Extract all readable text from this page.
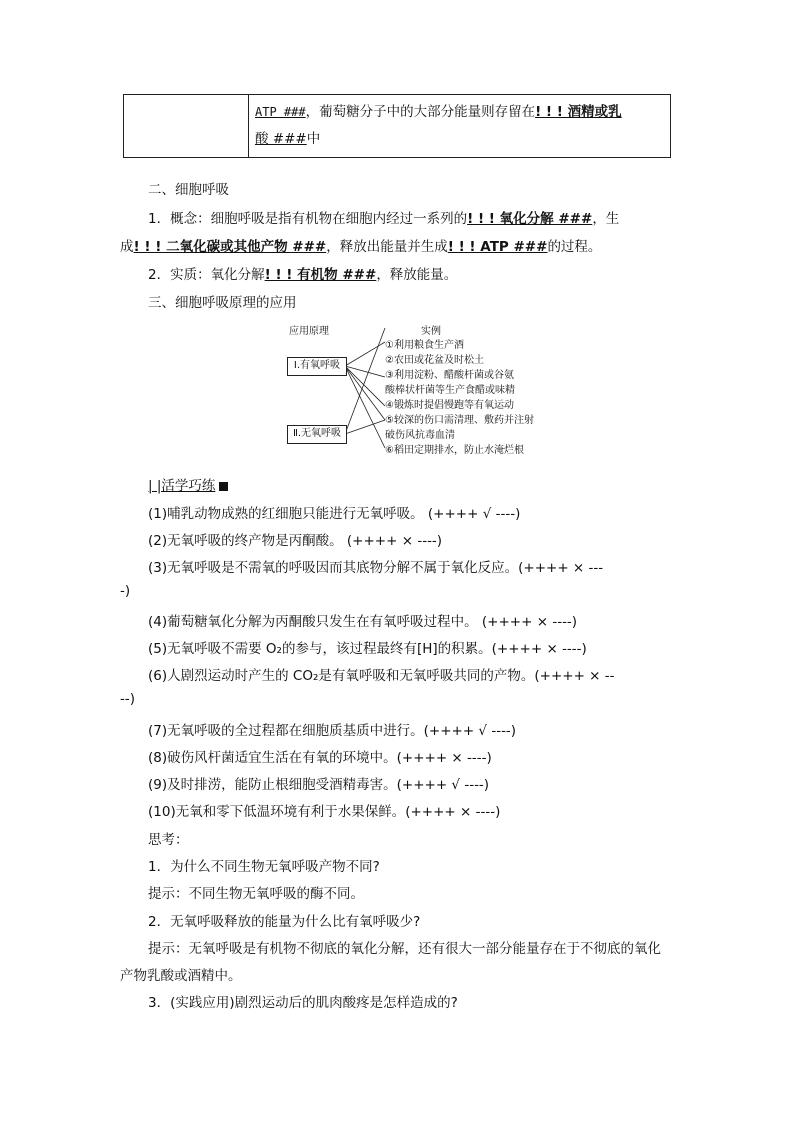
ATP ###，葡萄糖分子中的大部分能量则存留在! ! ! 酒精或乳
酸 ###中
二、细胞呼吸
1．概念：细胞呼吸是指有机物在细胞内经过一系列的! ! ! 氧化分解 ###，生
成! ! ! 二氧化碳或其他产物 ###，释放出能量并生成! ! ! ATP ###的过程。
2．实质：氧化分解! ! ! 有机物 ###，释放能量。
三、细胞呼吸原理的应用
应用原理	实例
Ⅰ.有氧呼吸
Ⅱ.无氧呼吸
①利用粮食生产酒
②农田或花盆及时松土
③利用淀粉、醋酸杆菌或谷氨
酸棒状杆菌等生产食醋或味精
④锻炼时提倡慢跑等有氧运动
⑤较深的伤口需清理、敷药并注射
破伤风抗毒血清
⑥稻田定期排水，防止水淹烂根
| |活学巧练
(1)哺乳动物成熟的红细胞只能进行无氧呼吸。 (++++ √ ----)
(2)无氧呼吸的终产物是丙酮酸。 (++++ × ----)
(3)无氧呼吸是不需氧的呼吸因而其底物分解不属于氧化反应。(++++ × ---
-)
(4)葡萄糖氧化分解为丙酮酸只发生在有氧呼吸过程中。 (++++ × ----)
(5)无氧呼吸不需要 O₂的参与，该过程最终有[H]的积累。(++++ × ----)
(6)人剧烈运动时产生的 CO₂是有氧呼吸和无氧呼吸共同的产物。(++++ × --
--)
(7)无氧呼吸的全过程都在细胞质基质中进行。(++++ √ ----)
(8)破伤风杆菌适宜生活在有氧的环境中。(++++ × ----)
(9)及时排涝，能防止根细胞受酒精毒害。(++++ √ ----)
(10)无氧和零下低温环境有利于水果保鲜。(++++ × ----)
思考：
1．为什么不同生物无氧呼吸产物不同?
提示：不同生物无氧呼吸的酶不同。
2．无氧呼吸释放的能量为什么比有氧呼吸少?
提示：无氧呼吸是有机物不彻底的氧化分解，还有很大一部分能量存在于不彻底的氧化
产物乳酸或酒精中。
3．(实践应用)剧烈运动后的肌肉酸疼是怎样造成的?
